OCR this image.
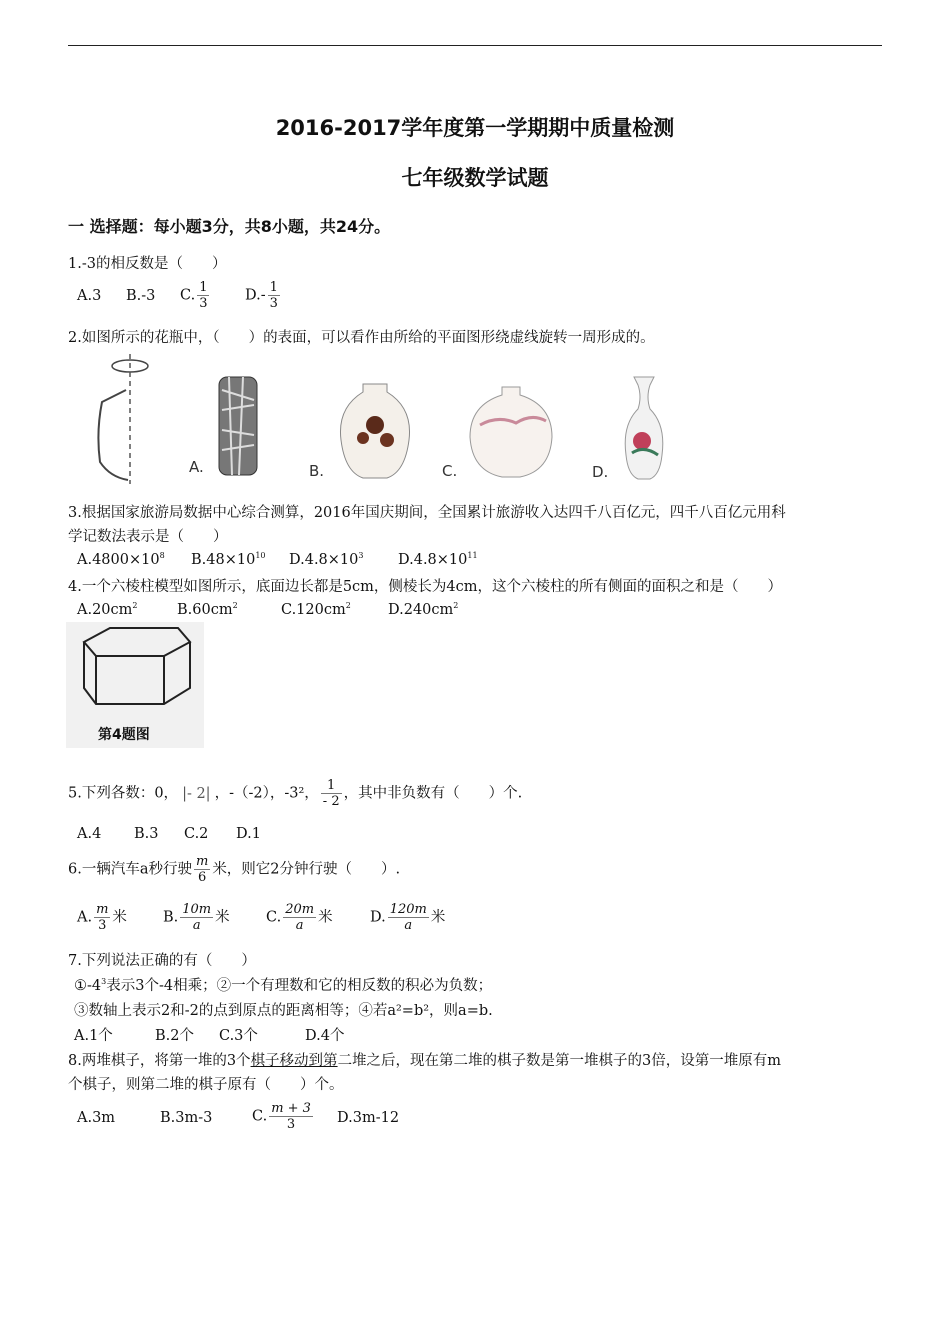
2016-2017学年度第一学期期中质量检测
七年级数学试题
一 选择题：每小题3分，共8小题，共24分。
1.-3的相反数是（　　）
A.3 B.-3 C. $\frac{1}{3} D.- \frac{1}{3}$
2.如图所示的花瓶中，（　　）的表面，可以看作由所给的平面图形绕虚线旋转一周形成的。
A.	B.	C.	D.
3.根据国家旅游局数据中心综合测算，2016年国庆期间，全国累计旅游收入达四千八百亿元，四千八百亿元用科
学记数法表示是（　　）
$A.4800\times 10^8$ $B.48\times 10^{10}$ $D.4.8\times 10^3$ $D.4.8\times 10^{11}$
4.一个六棱柱模型如图所示，底面边长都是5cm，侧棱长为4cm，这个六棱柱的所有侧面的面积之和是（　　）
$A.20cm^2$	$B.60cm^2$	$C.120cm^2$	$D.240cm^2$
第4题图
5.下列各数：0， |- 2| ，-（-2），-3²， $\frac{1}{- 2}$ ，其中非负数有（　　）个.
A.4 B.3 C.2 D.1
6.一辆汽车a秒行驶 $\frac{m}{6}$ 米，则它2分钟行驶（　　）.
A. $\frac{m}{3}$ 米 B. $\frac{10m}{a}$ 米	C. $\frac{20m}{a}$ 米	D. $\frac{120m}{a}$ 米
7.下列说法正确的有（　　）
$①-4^3$表示3个-4相乘；②一个有理数和它的相反数的积必为负数；
③数轴上表示2和-2的点到原点的距离相等；④若a²=b²，则a=b.
A.1个	B.2个 C.3个	D.4个
8.两堆棋子，将第一堆的3个棋子移动到第二堆之后，现在第二堆的棋子数是第一堆棋子的3倍，设第一堆原有m
个棋子，则第二堆的棋子原有（　　）个。
A.3m	B.3m-3	C. $\frac{m + 3}{3} D.3m-12$
